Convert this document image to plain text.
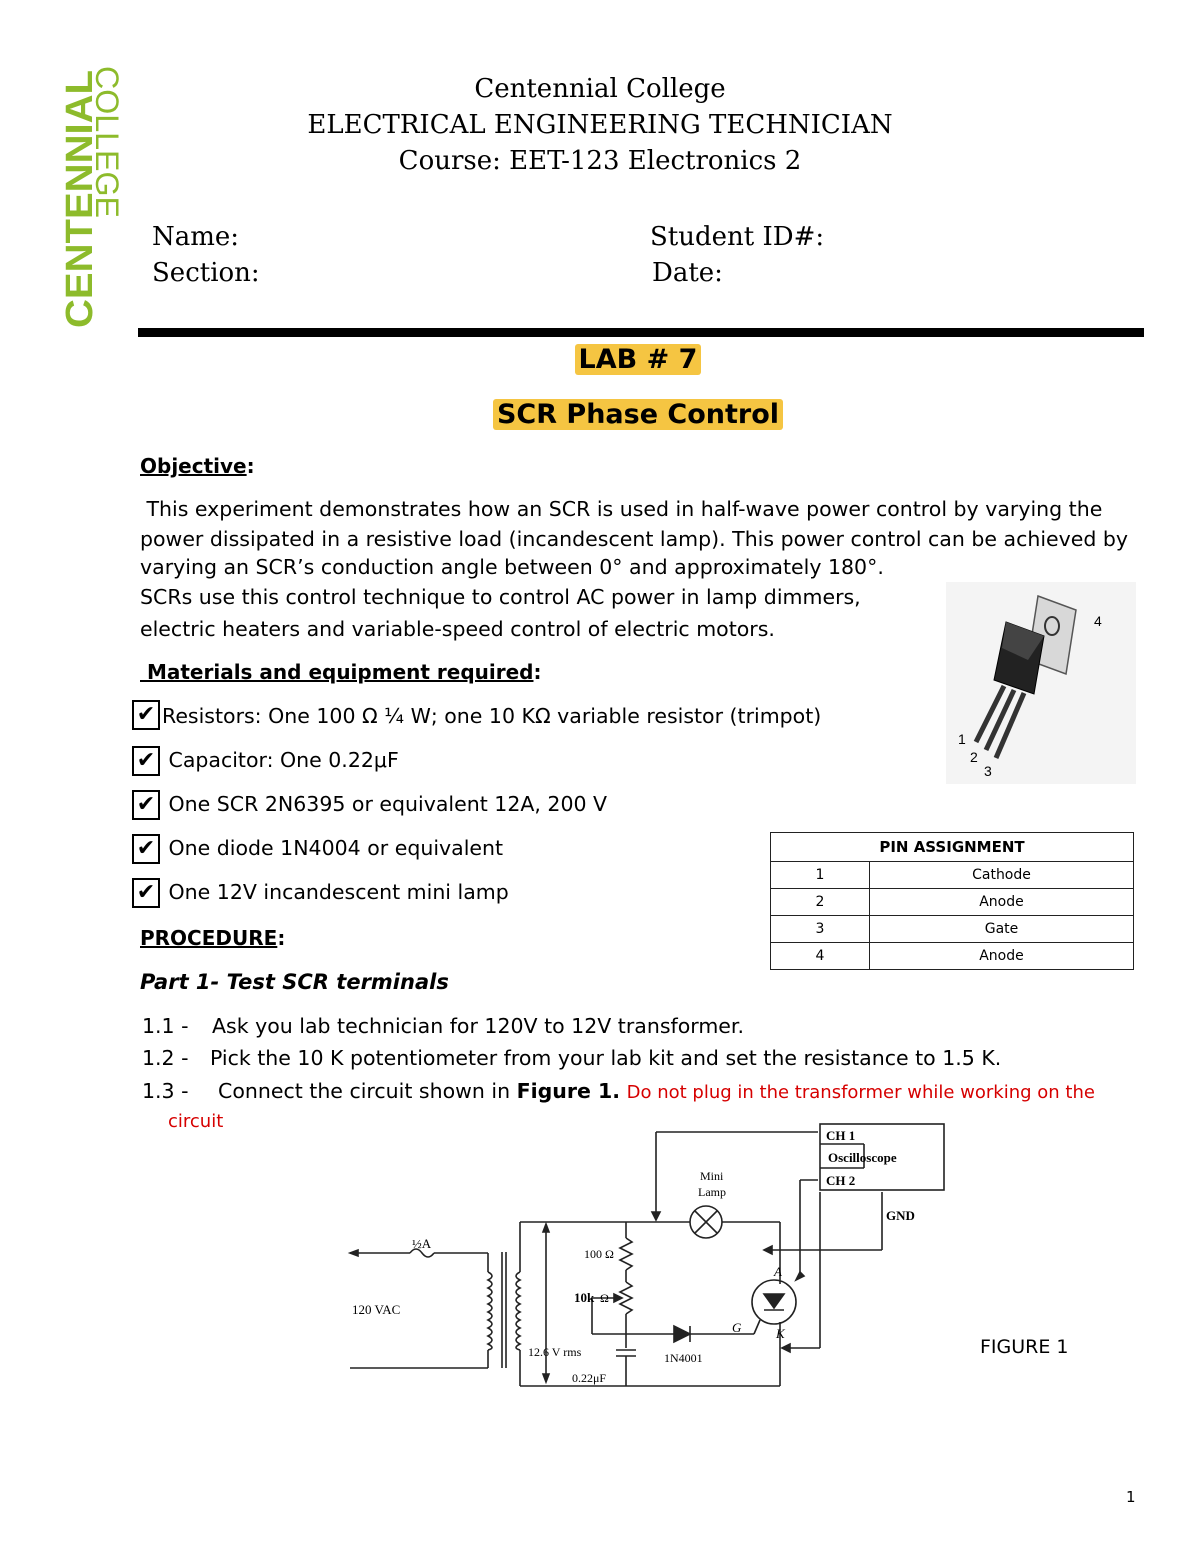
CENTENNIAL
COLLEGE	Centennial College
ELECTRICAL ENGINEERING TECHNICIAN
Course: EET-123 Electronics 2
Name:	Student ID#:
Section:	Date:
LAB # 7
SCR Phase Control
Objective:
This experiment demonstrates how an SCR is used in half-wave power control by varying the
power dissipated in a resistive load (incandescent lamp). This power control can be achieved by
varying an SCR’s conduction angle between 0° and approximately 180°.
SCRs use this control technique to control AC power in lamp dimmers,
electric heaters and variable-speed control of electric motors.	4
1
2
3
Materials and equipment required:
✔ Resistors: One 100 Ω ¼ W; one 10 KΩ variable resistor (trimpot)
✔ Capacitor: One 0.22μF
✔ One SCR 2N6395 or equivalent 12A, 200 V
✔ One diode 1N4004 or equivalent
✔ One 12V incandescent mini lamp
PIN ASSIGNMENT	
1	Cathode
2	Anode
3	Gate
4	Anode
PROCEDURE:
Part 1- Test SCR terminals
1.1 - Ask you lab technician for 120V to 12V transformer.
1.2 - Pick the 10 K potentiometer from your lab kit and set the resistance to 1.5 K.
1.3 - Connect the circuit shown in Figure 1. Do not plug in the transformer while working on the
circuit
CH 1
Oscilloscope
CH 2
GND
Mini
Lamp
½A
120 VAC
12.6 V rms
100 Ω
10k Ω
0.22μF
1N4001
A
G	K
FIGURE 1
1
